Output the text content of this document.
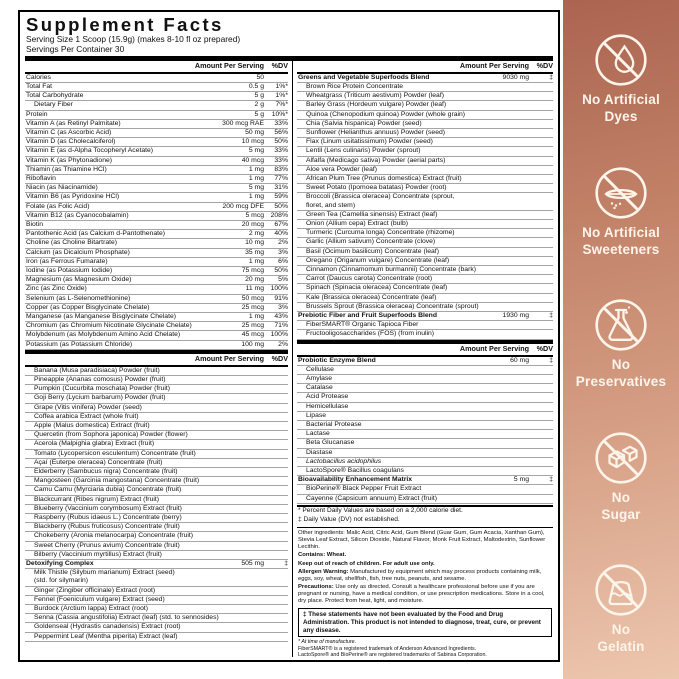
Supplement Facts
Serving Size 1 Scoop (15.9g) (makes 8-10 fl oz prepared)
Servings Per Container 30
Amount Per Serving	%DV
Calories	50
Total Fat	0.5 g	1%*
Total Carbohydrate	5 g	1%*
Dietary Fiber	2 g	7%*
Protein	5 g	10%*
Vitamin A (as Retinyl Palmitate)	300 mcg RAE	33%
Vitamin C (as Ascorbic Acid)	50 mg	56%
Vitamin D (as Cholecalciferol)	10 mcg	50%
Vitamin E (as d-Alpha Tocopheryl Acetate)	5 mg	33%
Vitamin K (as Phytonadione)	40 mcg	33%
Thiamin (as Thiamine HCl)	1 mg	83%
Riboflavin	1 mg	77%
Niacin (as Niacinamide)	5 mg	31%
Vitamin B6 (as Pyridoxine HCl)	1 mg	59%
Folate (as Folic Acid)	200 mcg DFE	50%
Vitamin B12 (as Cyanocobalamin)	5 mcg 208%
Biotin	20 mcg	67%
Pantothenic Acid (as Calcium d-Pantothenate)	2 mg	40%
Choline (as Choline Bitartrate)	10 mg	2%
Calcium (as Dicalcium Phosphate)	35 mg	3%
Iron (as Ferrous Fumarate)	1 mg	6%
Iodine (as Potassium Iodide)	75 mcg	50%
Magnesium (as Magnesium Oxide)	20 mg	5%
Zinc (as Zinc Oxide)	11 mg 100%
Selenium (as L-Selenomethionine)	50 mcg	91%
Copper (as Copper Bisglycinate Chelate)	25 mcg	3%
Manganese (as Manganese Bisglycinate Chelate)	1 mg	43%
Chromium (as Chromium Nicotinate Glycinate Chelate)	25 mcg	71%
Molybdenum (as Molybdenum Amino Acid Chelate)	45 mcg 100%
Potassium (as Potassium Chloride)	100 mg	2%
Amount Per Serving	%DV
Banana (Musa paradisiaca) Powder (fruit)
Pineapple (Ananas comosus) Powder (fruit)
Pumpkin (Cucurbita moschata) Powder (fruit)
Goji Berry (Lycium barbarum) Powder (fruit)
Grape (Vitis vinifera) Powder (seed)
Coffea arabica Extract (whole fruit)
Apple (Malus domestica) Extract (fruit)
Quercetin (from Sophora japonica) Powder (flower)
Acerola (Malpighia glabra) Extract (fruit)
Tomato (Lycopersicon esculentum) Concentrate (fruit)
Açaí (Euterpe oleracea) Concentrate (fruit)
Elderberry (Sambucus nigra) Concentrate (fruit)
Mangosteen (Garcinia mangostana) Concentrate (fruit)
Camu Camu (Myrciaria dubia) Concentrate (fruit)
Blackcurrant (Ribes nigrum) Extract (fruit)
Blueberry (Vaccinium corymbosum) Extract (fruit)
Raspberry (Rubus idaeus L.) Concentrate (berry)
Blackberry (Rubus fruticosus) Concentrate (fruit)
Chokeberry (Aronia melanocarpa) Concentrate (fruit)
Sweet Cherry (Prunus avium) Concentrate (fruit)
Bilberry (Vaccinium myrtillus) Extract (fruit)
Detoxifying Complex	505 mg	‡
Milk Thistle (Silybum marianum) Extract (seed)
(std. for silymarin)
Ginger (Zingiber officinale) Extract (root)
Fennel (Foeniculum vulgare) Extract (seed)
Burdock (Arctium lappa) Extract (root)
Senna (Cassia angustifolia) Extract (leaf) (std. to sennosides)
Goldenseal (Hydrastis canadensis) Extract (root)
Peppermint Leaf (Mentha piperita) Extract (leaf)
Amount Per Serving	%DV
Greens and Vegetable Superfoods Blend	9030 mg	‡
Brown Rice Protein Concentrate
Wheatgrass (Triticum aestivum) Powder (leaf)
Barley Grass (Hordeum vulgare) Powder (leaf)
Quinoa (Chenopodium quinoa) Powder (whole grain)
Chia (Salvia hispanica) Powder (seed)
Sunflower (Helianthus annuus) Powder (seed)
Flax (Linum usitatissimum) Powder (seed)
Lentil (Lens culinaris) Powder (sprout)
Alfalfa (Medicago sativa) Powder (aerial parts)
Aloe vera Powder (leaf)
African Plum Tree (Prunus domestica) Extract (fruit)
Sweet Potato (Ipomoea batatas) Powder (root)
Broccoli (Brassica oleracea) Concentrate (sprout,
floret, and stem)
Green Tea (Camellia sinensis) Extract (leaf)
Onion (Allium cepa) Extract (bulb)
Turmeric (Curcuma longa) Concentrate (rhizome)
Garlic (Allium sativum) Concentrate (clove)
Basil (Ocimum basilicum) Concentrate (leaf)
Oregano (Origanum vulgare) Concentrate (leaf)
Cinnamon (Cinnamomum burmannii) Concentrate (bark)
Carrot (Daucus carota) Concentrate (root)
Spinach (Spinacia oleracea) Concentrate (leaf)
Kale (Brassica oleracea) Concentrate (leaf)
Brussels Sprout (Brassica oleracea) Concentrate (sprout)
Prebiotic Fiber and Fruit Superfoods Blend	1930 mg	‡
FiberSMART® Organic Tapioca Fiber
Fructooligosaccharides (FOS) (from inulin)
Amount Per Serving	%DV
Probiotic Enzyme Blend	60 mg	‡
Cellulase
Amylase
Catalase
Acid Protease
Hemicellulase
Lipase
Bacterial Protease
Lactase
Beta Glucanase
Diastase
Lactobacillus acidophilus
LactoSpore® Bacillus coagulans
Bioavailability Enhancement Matrix	5 mg	‡
BioPerine® Black Pepper Fruit Extract
Cayenne (Capsicum annuum) Extract (fruit)
* Percent Daily Values are based on a 2,000 calorie diet.
‡ Daily Value (DV) not established.

Other ingredients: Malic Acid, Citric Acid, Gum Blend (Guar Gum, Gum Acacia, Xanthan Gum), Stevia Leaf Extract, Silicon Dioxide, Natural Flavor, Monk Fruit Extract, Maltodextrin, Sunflower Lecithin.

Contains: Wheat.

Keep out of reach of children. For adult use only.

Allergen Warning: Manufactured by equipment which may process products containing milk, eggs, soy, wheat, shellfish, fish, tree nuts, peanuts, and sesame.

Precautions: Use only as directed. Consult a healthcare professional before use if you are pregnant or nursing, have a medical condition, or use prescription medications. Store in a cool, dry place. Protect from heat, light, and moisture.

‡ These statements have not been evaluated by the Food and Drug Administration. This product is not intended to diagnose, treat, cure, or prevent any disease.
* At time of manufacture.
FiberSMART® is a registered trademark of Anderson Advanced Ingredients.
LactoSpore® and BioPerine® are registered trademarks of Sabinsa Corporation.
No Artificial
Dyes
No Artificial
Sweeteners
No
Preservatives
No
Sugar
No
Gelatin
